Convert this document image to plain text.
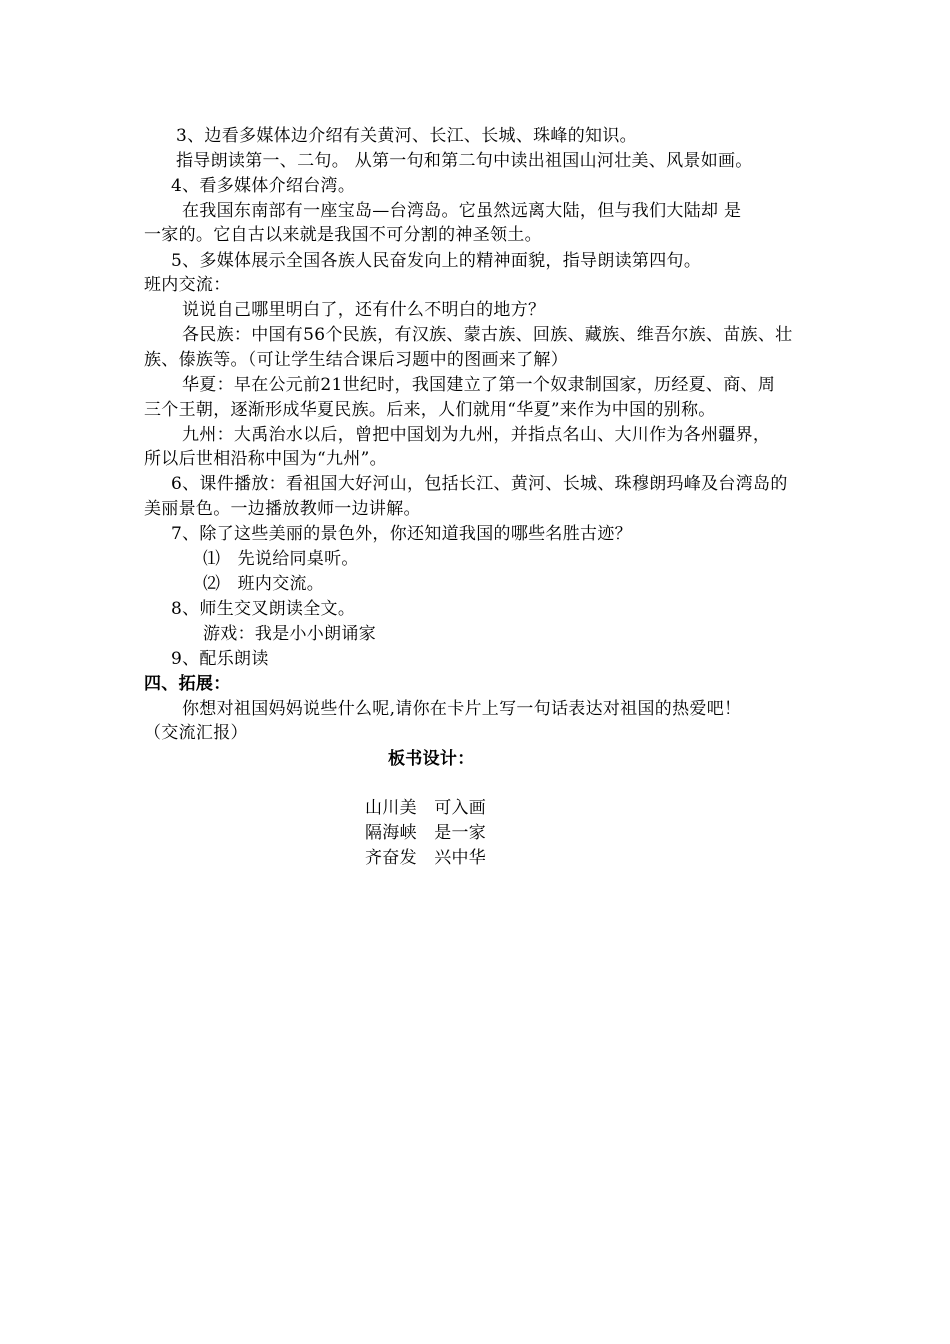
3、边看多媒体边介绍有关黄河、长江、长城、珠峰的知识。
指导朗读第一、二句。 从第一句和第二句中读出祖国山河壮美、风景如画。
4、看多媒体介绍台湾。
在我国东南部有一座宝岛—台湾岛。它虽然远离大陆，但与我们大陆却 是
一家的。它自古以来就是我国不可分割的神圣领土。
5、多媒体展示全国各族人民奋发向上的精神面貌，指导朗读第四句。
班内交流：
说说自己哪里明白了，还有什么不明白的地方？
各民族：中国有56个民族，有汉族、蒙古族、回族、藏族、维吾尔族、苗族、壮
族、傣族等。（可让学生结合课后习题中的图画来了解）
华夏：早在公元前21世纪时，我国建立了第一个奴隶制国家，历经夏、商、周
三个王朝，逐渐形成华夏民族。后来，人们就用“华夏”来作为中国的别称。
九州：大禹治水以后，曾把中国划为九州，并指点名山、大川作为各州疆界，
所以后世相沿称中国为“九州”。
6、课件播放：看祖国大好河山，包括长江、黄河、长城、珠穆朗玛峰及台湾岛的
美丽景色。一边播放教师一边讲解。
7、除了这些美丽的景色外，你还知道我国的哪些名胜古迹？
⑴　先说给同桌听。
⑵　班内交流。
8、师生交叉朗读全文。
游戏：我是小小朗诵家
9、配乐朗读
四、拓展：
你想对祖国妈妈说些什么呢,请你在卡片上写一句话表达对祖国的热爱吧！
（交流汇报）
板书设计：
山川美　可入画
隔海峡　是一家
齐奋发　兴中华
